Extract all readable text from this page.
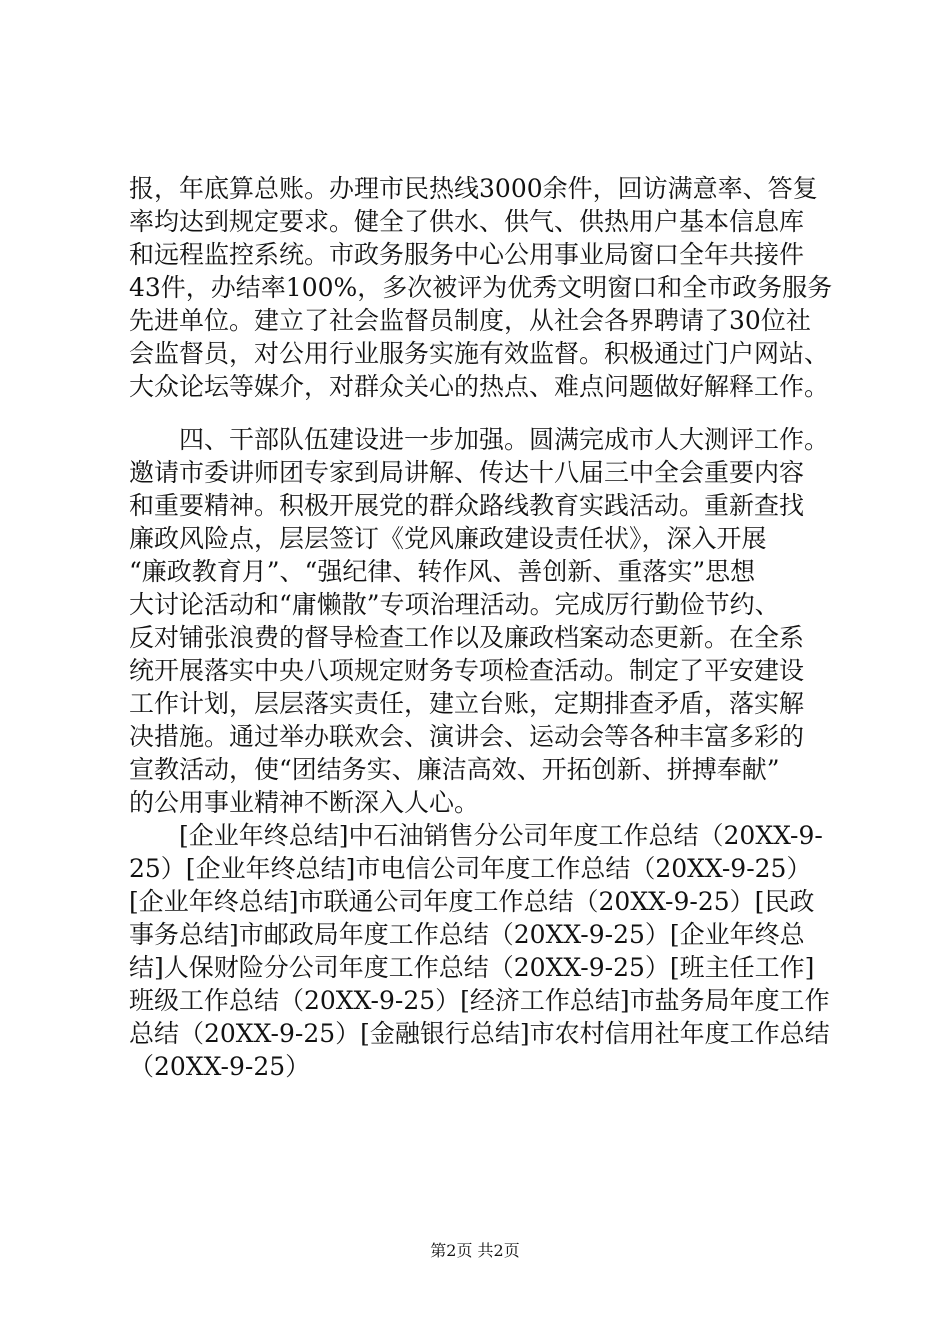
报，年底算总账。办理市民热线3000余件，回访满意率、答复
率均达到规定要求。健全了供水、供气、供热用户基本信息库
和远程监控系统。市政务服务中心公用事业局窗口全年共接件
43件，办结率100%，多次被评为优秀文明窗口和全市政务服务
先进单位。建立了社会监督员制度，从社会各界聘请了30位社
会监督员，对公用行业服务实施有效监督。积极通过门户网站、
大众论坛等媒介，对群众关心的热点、难点问题做好解释工作。
　　四、干部队伍建设进一步加强。圆满完成市人大测评工作。
邀请市委讲师团专家到局讲解、传达十八届三中全会重要内容
和重要精神。积极开展党的群众路线教育实践活动。重新查找
廉政风险点，层层签订《党风廉政建设责任状》，深入开展
“廉政教育月”、“强纪律、转作风、善创新、重落实”思想
大讨论活动和“庸懒散”专项治理活动。完成厉行勤俭节约、
反对铺张浪费的督导检查工作以及廉政档案动态更新。在全系
统开展落实中央八项规定财务专项检查活动。制定了平安建设
工作计划，层层落实责任，建立台账，定期排查矛盾，落实解
决措施。通过举办联欢会、演讲会、运动会等各种丰富多彩的
宣教活动，使“团结务实、廉洁高效、开拓创新、拼搏奉献”
的公用事业精神不断深入人心。
　　[企业年终总结]中石油销售分公司年度工作总结（20XX-9-
25）[企业年终总结]市电信公司年度工作总结（20XX-9-25）
[企业年终总结]市联通公司年度工作总结（20XX-9-25）[民政
事务总结]市邮政局年度工作总结（20XX-9-25）[企业年终总
结]人保财险分公司年度工作总结（20XX-9-25）[班主任工作]
班级工作总结（20XX-9-25）[经济工作总结]市盐务局年度工作
总结（20XX-9-25）[金融银行总结]市农村信用社年度工作总结
（20XX-9-25）
第2页 共2页
